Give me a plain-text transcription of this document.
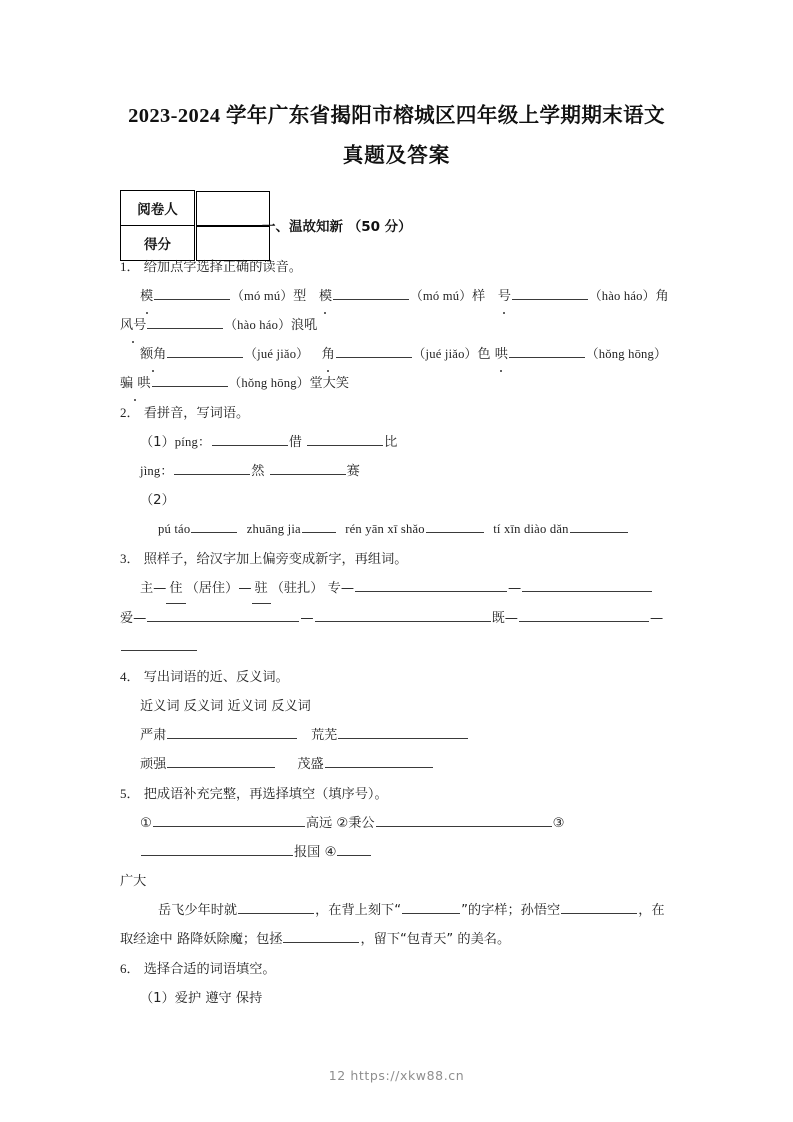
2023-2024 学年广东省揭阳市榕城区四年级上学期期末语文
真题及答案
阅卷人	
得分	
一、温故知新 （50 分）
1． 给加点字选择正确的读音。
模	（mó mú）型 模	（mó mú）样 号	（hào háo）角
风号	（hào háo）浪吼
额角	（jué jiǎo） 角	（jué jiǎo）色 哄	（hǒng hōng）
骗 哄	（hǒng hōng）堂大笑
2． 看拼音，写词语。
（1）píng：	借	比
jìng：	然	赛
（2）
pú táo	zhuāng jia	rén yān xī shǎo	tí xīn diào dǎn
3． 照样子，给汉字加上偏旁变成新字，再组词。
主— 住 （居住）— 驻 （驻扎） 专—	—
爱—	—	既—	—
4． 写出词语的近、反义词。
近义词 反义词 近义词 反义词
严肃	荒芜
顽强	茂盛
5． 把成语补充完整，再选择填空（填序号）。
①	高远 ②秉公	③报国 ④
广大
岳飞少年时就	，在背上刻下“	”的字样；孙悟空	，在
取经途中 路降妖除魔；包拯	，留下“包青天” 的美名。
6． 选择合适的词语填空。
（1）爱护 遵守 保持
12 https://xkw88.cn
